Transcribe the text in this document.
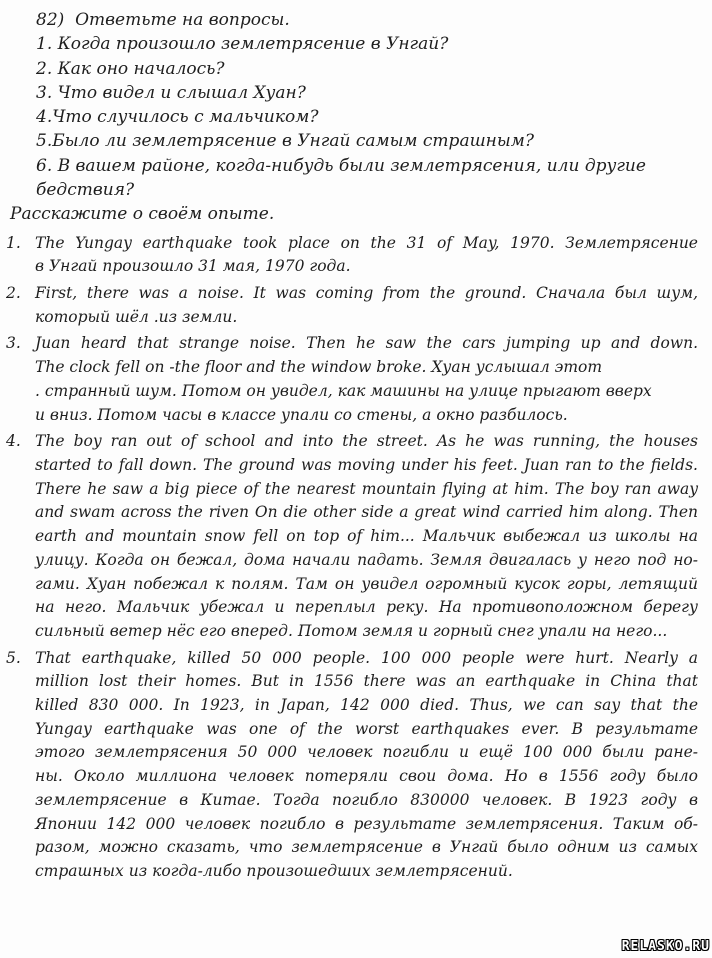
82)  Ответьте на вопросы.
1. Когда произошло землетрясение в Унгай?
2. Как оно началось?
3. Что видел и слышал Хуан?
4.Что случилось с мальчиком?
5.Было ли землетрясение в Унгай самым страшным?
6. В вашем районе, когда-нибудь были землетрясения, или другие бедствия?
Расскажите о своём опыте.
1. The Yungay earthquake took place on the 31 of May, 1970. Землетрясение
в Унгай произошло 31 мая, 1970 года.
2. First, there was a noise. It was coming from the ground. Сначала был шум,
который шёл .из земли.
3. Juan heard that strange noise. Then he saw the cars jumping up and down.
The clock fell on -the floor and the window broke. Хуан услышал этот
. странный шум. Потом он увидел, как машины на улице прыгают вверх
и вниз. Потом часы в классе упали со стены, а окно разбилось.
4. The boy ran out of school and into the street. As he was running, the houses
started to fall down. The ground was moving under his feet. Juan ran to the fields.
There he saw a big piece of the nearest mountain flying at him. The boy ran away
and swam across the riven On die other side a great wind carried him along. Then
earth and mountain snow fell on top of him... Мальчик выбежал из школы на
улицу. Когда он бежал, дома начали падать. Земля двигалась у него под но-
гами. Хуан побежал к полям. Там он увидел огромный кусок горы, летящий
на него. Мальчик убежал и переплыл реку. На противоположном берегу
сильный ветер нёс его вперед. Потом земля и горный снег упали на него...
5. That earthquake, killed 50 000 people. 100 000 people were hurt. Nearly a
million lost their homes. But in 1556 there was an earthquake in China that
killed 830 000. In 1923, in Japan, 142 000 died. Thus, we can say that the
Yungay earthquake was one of the worst earthquakes ever. В результате
этого землетрясения 50 000 человек погибли и ещё 100 000 были ране-
ны. Около миллиона человек потеряли свои дома. Но в 1556 году было
землетрясение в Китае. Тогда погибло 830000 человек. В 1923 году в
Японии 142 000 человек погибло в результате землетрясения. Таким об-
разом, можно сказать, что землетрясение в Унгай было одним из самых
страшных из когда-либо произошедших землетрясений.
RELASKO.RU
